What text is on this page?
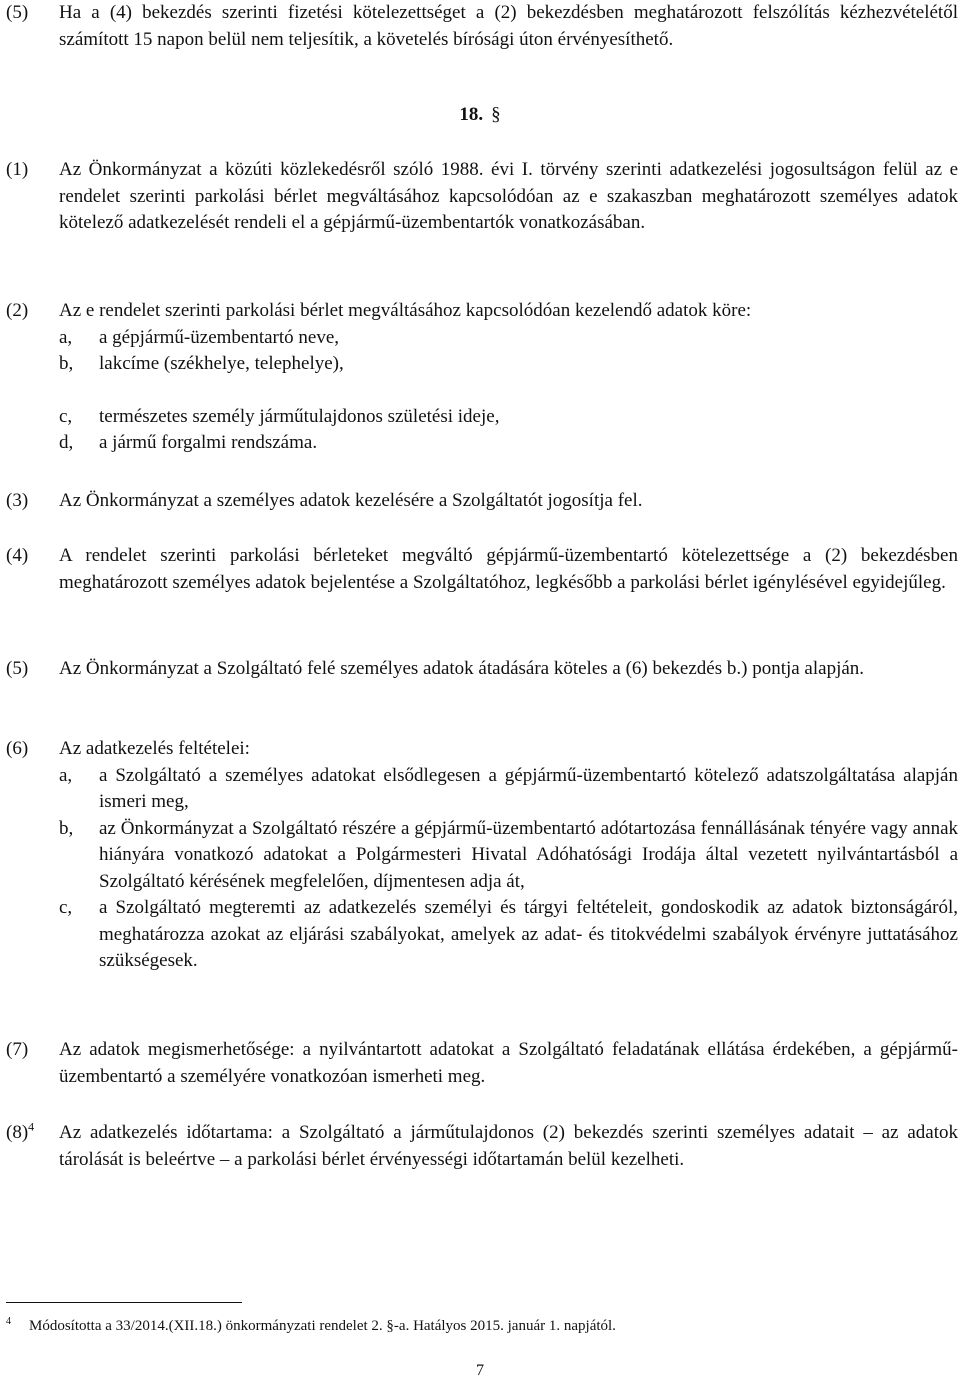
(5) Ha a (4) bekezdés szerinti fizetési kötelezettséget a (2) bekezdésben meghatározott felszólítás kézhezvételétől számított 15 napon belül nem teljesítik, a követelés bírósági úton érvényesíthető.
18. §
(1) Az Önkormányzat a közúti közlekedésről szóló 1988. évi I. törvény szerinti adatkezelési jogosultságon felül az e rendelet szerinti parkolási bérlet megváltásához kapcsolódóan az e szakaszban meghatározott személyes adatok kötelező adatkezelését rendeli el a gépjármű-üzembentartók vonatkozásában.
(2) Az e rendelet szerinti parkolási bérlet megváltásához kapcsolódóan kezelendő adatok köre:
a, a gépjármű-üzembentartó neve,
b, lakcíme (székhelye, telephelye),
c, természetes személy járműtulajdonos születési ideje,
d, a jármű forgalmi rendszáma.
(3) Az Önkormányzat a személyes adatok kezelésére a Szolgáltatót jogosítja fel.
(4) A rendelet szerinti parkolási bérleteket megváltó gépjármű-üzembentartó kötelezettsége a (2) bekezdésben meghatározott személyes adatok bejelentése a Szolgáltatóhoz, legkésőbb a parkolási bérlet igénylésével egyidejűleg.
(5) Az Önkormányzat a Szolgáltató felé személyes adatok átadására köteles a (6) bekezdés b.) pontja alapján.
(6) Az adatkezelés feltételei:
a, a Szolgáltató a személyes adatokat elsődlegesen a gépjármű-üzembentartó kötelező adatszolgáltatása alapján ismeri meg,
b, az Önkormányzat a Szolgáltató részére a gépjármű-üzembentartó adótartozása fennállásának tényére vagy annak hiányára vonatkozó adatokat a Polgármesteri Hivatal Adóhatósági Irodája által vezetett nyilvántartásból a Szolgáltató kérésének megfelelően, díjmentesen adja át,
c, a Szolgáltató megteremti az adatkezelés személyi és tárgyi feltételeit, gondoskodik az adatok biztonságáról, meghatározza azokat az eljárási szabályokat, amelyek az adat- és titokvédelmi szabályok érvényre juttatásához szükségesek.
(7) Az adatok megismerhetősége: a nyilvántartott adatokat a Szolgáltató feladatának ellátása érdekében, a gépjármű-üzembentartó a személyére vonatkozóan ismerheti meg.
$(8)^4$ Az adatkezelés időtartama: a Szolgáltató a járműtulajdonos (2) bekezdés szerinti személyes adatait – az adatok tárolását is beleértve – a parkolási bérlet érvényességi időtartamán belül kezelheti.
$^4$ Módosította a 33/2014.(XII.18.) önkormányzati rendelet 2. §-a. Hatályos 2015. január 1. napjától.
7
